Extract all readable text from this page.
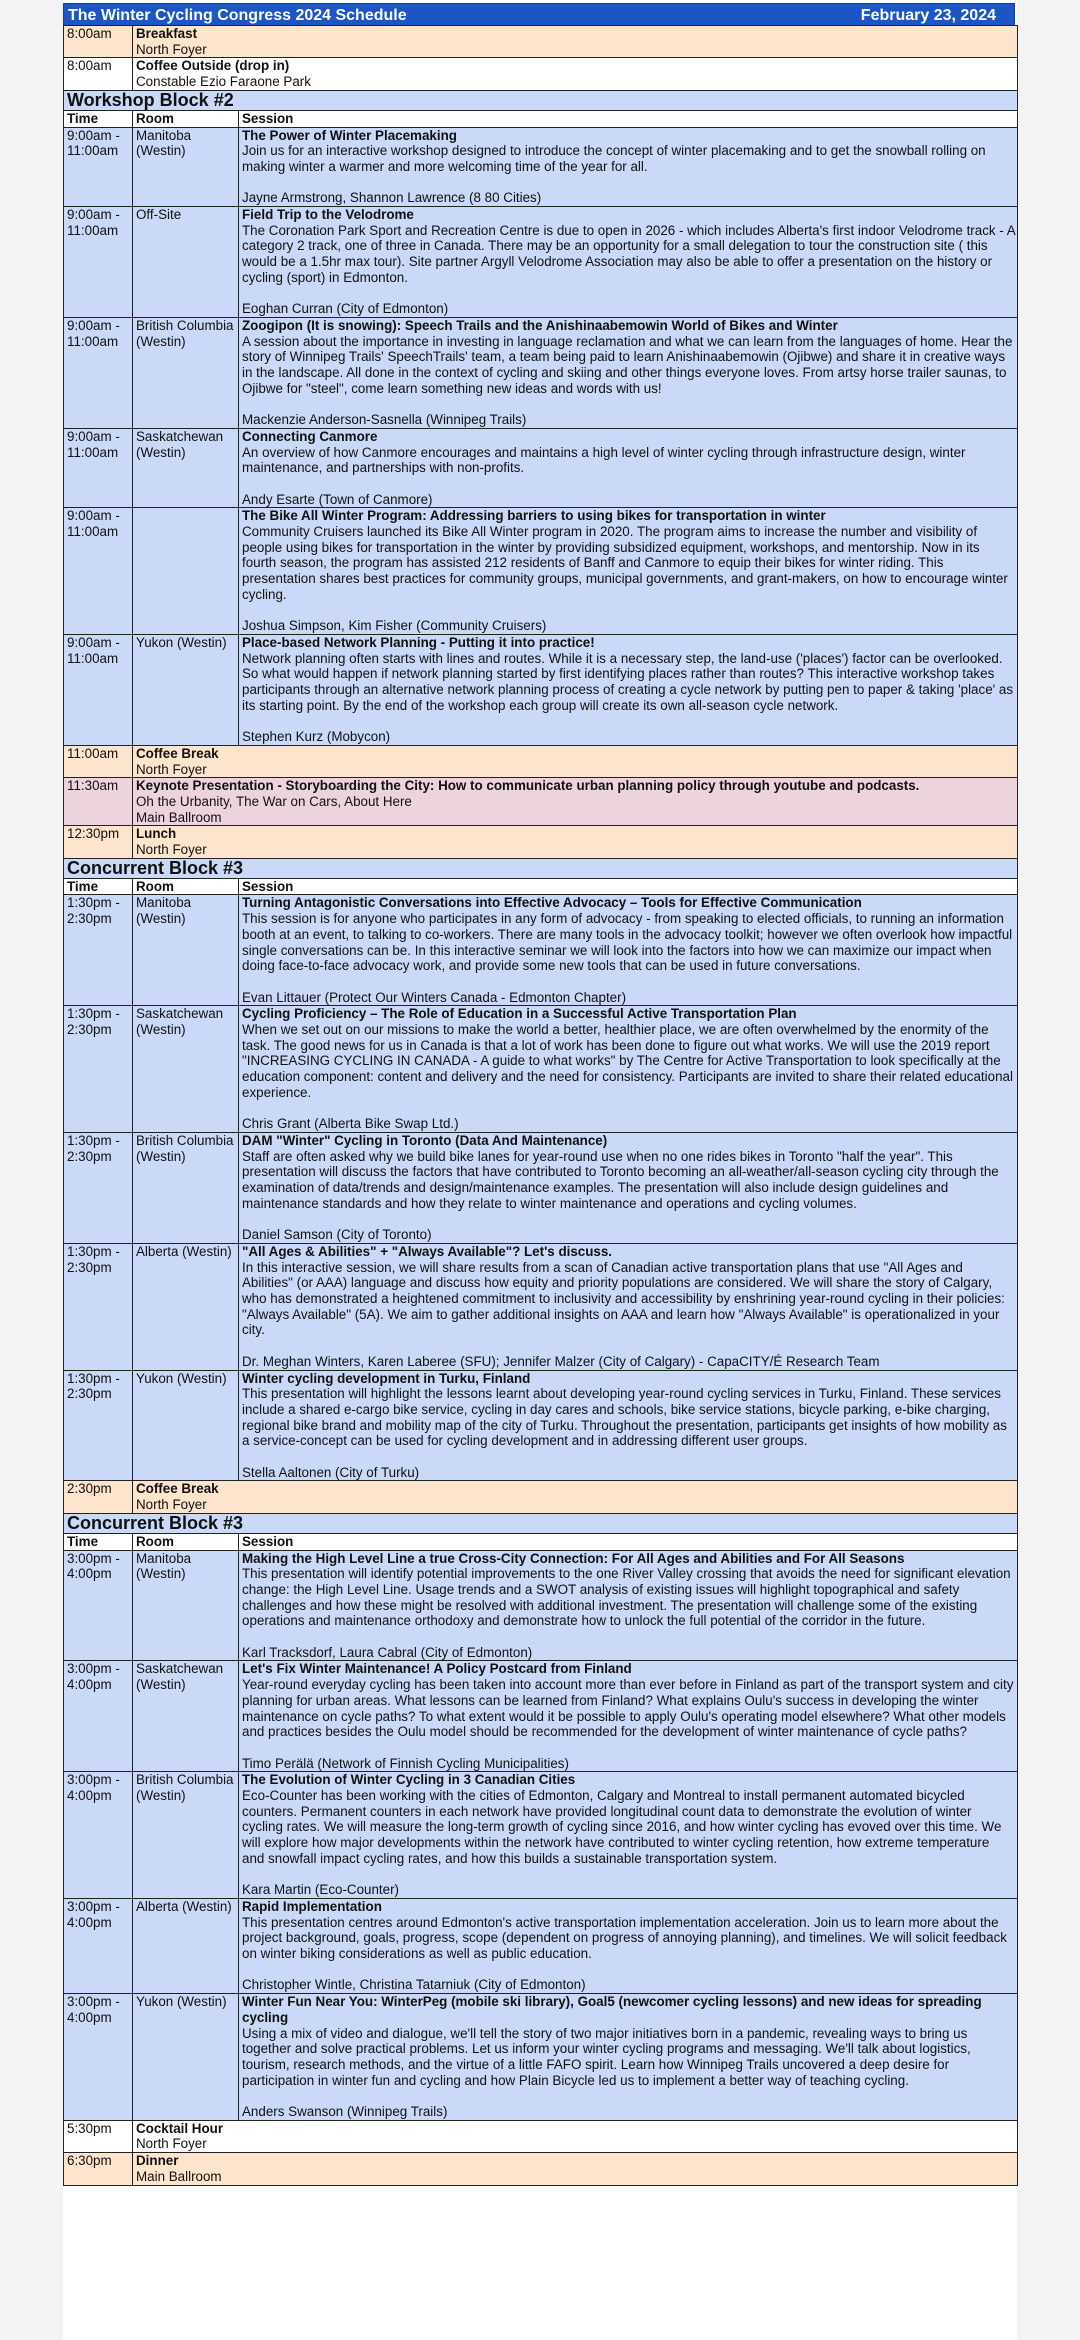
The Winter Cycling Congress 2024 Schedule	February 23, 2024
8:00am	Breakfast
North Foyer	

8:00am	Coffee Outside (drop in)
Constable Ezio Faraone Park	

Workshop Block #2		
Time	Room	Session
9:00am - 11:00am	Manitoba (Westin)	The Power of Winter Placemaking
Join us for an interactive workshop designed to introduce the concept of winter placemaking and to get the snowball rolling on making winter a warmer and more welcoming time of the year for all.
Jayne Armstrong, Shannon Lawrence (8 80 Cities)

9:00am - 11:00am	Off-Site	Field Trip to the Velodrome
The Coronation Park Sport and Recreation Centre is due to open in 2026 - which includes Alberta's first indoor Velodrome track - A category 2 track, one of three in Canada. There may be an opportunity for a small delegation to tour the construction site ( this would be a 1.5hr max tour). Site partner Argyll Velodrome Association may also be able to offer a presentation on the history or cycling (sport) in Edmonton.
Eoghan Curran (City of Edmonton)

9:00am - 11:00am	British Columbia (Westin)	Zoogipon (It is snowing): Speech Trails and the Anishinaabemowin World of Bikes and Winter
A session about the importance in investing in language reclamation and what we can learn from the languages of home. Hear the story of Winnipeg Trails' SpeechTrails' team, a team being paid to learn Anishinaabemowin (Ojibwe) and share it in creative ways in the landscape. All done in the context of cycling and skiing and other things everyone loves. From artsy horse trailer saunas, to Ojibwe for "steel", come learn something new ideas and words with us!
Mackenzie Anderson-Sasnella (Winnipeg Trails)

9:00am - 11:00am	Saskatchewan (Westin)	Connecting Canmore
An overview of how Canmore encourages and maintains a high level of winter cycling through infrastructure design, winter maintenance, and partnerships with non-profits.
Andy Esarte (Town of Canmore)

9:00am - 11:00am		The Bike All Winter Program: Addressing barriers to using bikes for transportation in winter
Community Cruisers launched its Bike All Winter program in 2020. The program aims to increase the number and visibility of people using bikes for transportation in the winter by providing subsidized equipment, workshops, and mentorship. Now in its fourth season, the program has assisted 212 residents of Banff and Canmore to equip their bikes for winter riding. This presentation shares best practices for community groups, municipal governments, and grant-makers, on how to encourage winter cycling.
Joshua Simpson, Kim Fisher (Community Cruisers)

9:00am - 11:00am	Yukon (Westin)	Place-based Network Planning - Putting it into practice!
Network planning often starts with lines and routes. While it is a necessary step, the land-use ('places') factor can be overlooked. So what would happen if network planning started by first identifying places rather than routes? This interactive workshop takes participants through an alternative network planning process of creating a cycle network by putting pen to paper & taking 'place' as its starting point. By the end of the workshop each group will create its own all-season cycle network.
Stephen Kurz (Mobycon)

11:00am	Coffee Break
North Foyer	

11:30am	Keynote Presentation - Storyboarding the City: How to communicate urban planning policy through youtube and podcasts.
Oh the Urbanity, The War on Cars, About Here
Main Ballroom	

12:30pm	Lunch
North Foyer	

Concurrent Block #3		
Time	Room	Session
1:30pm - 2:30pm	Manitoba (Westin)	Turning Antagonistic Conversations into Effective Advocacy – Tools for Effective Communication
This session is for anyone who participates in any form of advocacy - from speaking to elected officials, to running an information booth at an event, to talking to co-workers. There are many tools in the advocacy toolkit; however we often overlook how impactful single conversations can be. In this interactive seminar we will look into the factors into how we can maximize our impact when doing face-to-face advocacy work, and provide some new tools that can be used in future conversations.
Evan Littauer (Protect Our Winters Canada - Edmonton Chapter)

1:30pm - 2:30pm	Saskatchewan (Westin)	Cycling Proficiency – The Role of Education in a Successful Active Transportation Plan
When we set out on our missions to make the world a better, healthier place, we are often overwhelmed by the enormity of the task. The good news for us in Canada is that a lot of work has been done to figure out what works. We will use the 2019 report "INCREASING CYCLING IN CANADA - A guide to what works" by The Centre for Active Transportation to look specifically at the education component: content and delivery and the need for consistency. Participants are invited to share their related educational experience.
Chris Grant (Alberta Bike Swap Ltd.)

1:30pm - 2:30pm	British Columbia (Westin)	DAM "Winter" Cycling in Toronto (Data And Maintenance)
Staff are often asked why we build bike lanes for year-round use when no one rides bikes in Toronto "half the year". This presentation will discuss the factors that have contributed to Toronto becoming an all-weather/all-season cycling city through the examination of data/trends and design/maintenance examples. The presentation will also include design guidelines and maintenance standards and how they relate to winter maintenance and operations and cycling volumes.
Daniel Samson (City of Toronto)

1:30pm - 2:30pm	Alberta (Westin)	"All Ages & Abilities" + "Always Available"? Let's discuss.
In this interactive session, we will share results from a scan of Canadian active transportation plans that use "All Ages and Abilities" (or AAA) language and discuss how equity and priority populations are considered. We will share the story of Calgary, who has demonstrated a heightened commitment to inclusivity and accessibility by enshrining year-round cycling in their policies: "Always Available" (5A). We aim to gather additional insights on AAA and learn how "Always Available" is operationalized in your city.
Dr. Meghan Winters, Karen Laberee (SFU); Jennifer Malzer (City of Calgary) - CapaCITY/É Research Team

1:30pm - 2:30pm	Yukon (Westin)	Winter cycling development in Turku, Finland
This presentation will highlight the lessons learnt about developing year-round cycling services in Turku, Finland. These services include a shared e-cargo bike service, cycling in day cares and schools, bike service stations, bicycle parking, e-bike charging, regional bike brand and mobility map of the city of Turku. Throughout the presentation, participants get insights of how mobility as a service-concept can be used for cycling development and in addressing different user groups.
Stella Aaltonen (City of Turku)

2:30pm	Coffee Break
North Foyer	

Concurrent Block #3		
Time	Room	Session
3:00pm - 4:00pm	Manitoba (Westin)	Making the High Level Line a true Cross-City Connection: For All Ages and Abilities and For All Seasons
This presentation will identify potential improvements to the one River Valley crossing that avoids the need for significant elevation change: the High Level Line. Usage trends and a SWOT analysis of existing issues will highlight topographical and safety challenges and how these might be resolved with additional investment. The presentation will challenge some of the existing operations and maintenance orthodoxy and demonstrate how to unlock the full potential of the corridor in the future.
Karl Tracksdorf, Laura Cabral (City of Edmonton)

3:00pm - 4:00pm	Saskatchewan (Westin)	Let's Fix Winter Maintenance! A Policy Postcard from Finland
Year-round everyday cycling has been taken into account more than ever before in Finland as part of the transport system and city planning for urban areas. What lessons can be learned from Finland? What explains Oulu's success in developing the winter maintenance on cycle paths? To what extent would it be possible to apply Oulu's operating model elsewhere? What other models and practices besides the Oulu model should be recommended for the development of winter maintenance of cycle paths?
Timo Perälä (Network of Finnish Cycling Municipalities)

3:00pm - 4:00pm	British Columbia (Westin)	The Evolution of Winter Cycling in 3 Canadian Cities
Eco-Counter has been working with the cities of Edmonton, Calgary and Montreal to install permanent automated bicycled counters. Permanent counters in each network have provided longitudinal count data to demonstrate the evolution of winter cycling rates. We will measure the long-term growth of cycling since 2016, and how winter cycling has evoved over this time. We will explore how major developments within the network have contributed to winter cycling retention, how extreme temperature and snowfall impact cycling rates, and how this builds a sustainable transportation system.
Kara Martin (Eco-Counter)

3:00pm - 4:00pm	Alberta (Westin)	Rapid Implementation
This presentation centres around Edmonton's active transportation implementation acceleration. Join us to learn more about the project background, goals, progress, scope (dependent on progress of annoying planning), and timelines. We will solicit feedback on winter biking considerations as well as public education.
Christopher Wintle, Christina Tatarniuk (City of Edmonton)

3:00pm - 4:00pm	Yukon (Westin)	Winter Fun Near You: WinterPeg (mobile ski library), Goal5 (newcomer cycling lessons) and new ideas for spreading cycling
Using a mix of video and dialogue, we'll tell the story of two major initiatives born in a pandemic, revealing ways to bring us together and solve practical problems. Let us inform your winter cycling programs and messaging. We'll talk about logistics, tourism, research methods, and the virtue of a little FAFO spirit. Learn how Winnipeg Trails uncovered a deep desire for participation in winter fun and cycling and how Plain Bicycle led us to implement a better way of teaching cycling.
Anders Swanson (Winnipeg Trails)

5:30pm	Cocktail Hour
North Foyer	

6:30pm	Dinner
Main Ballroom	
